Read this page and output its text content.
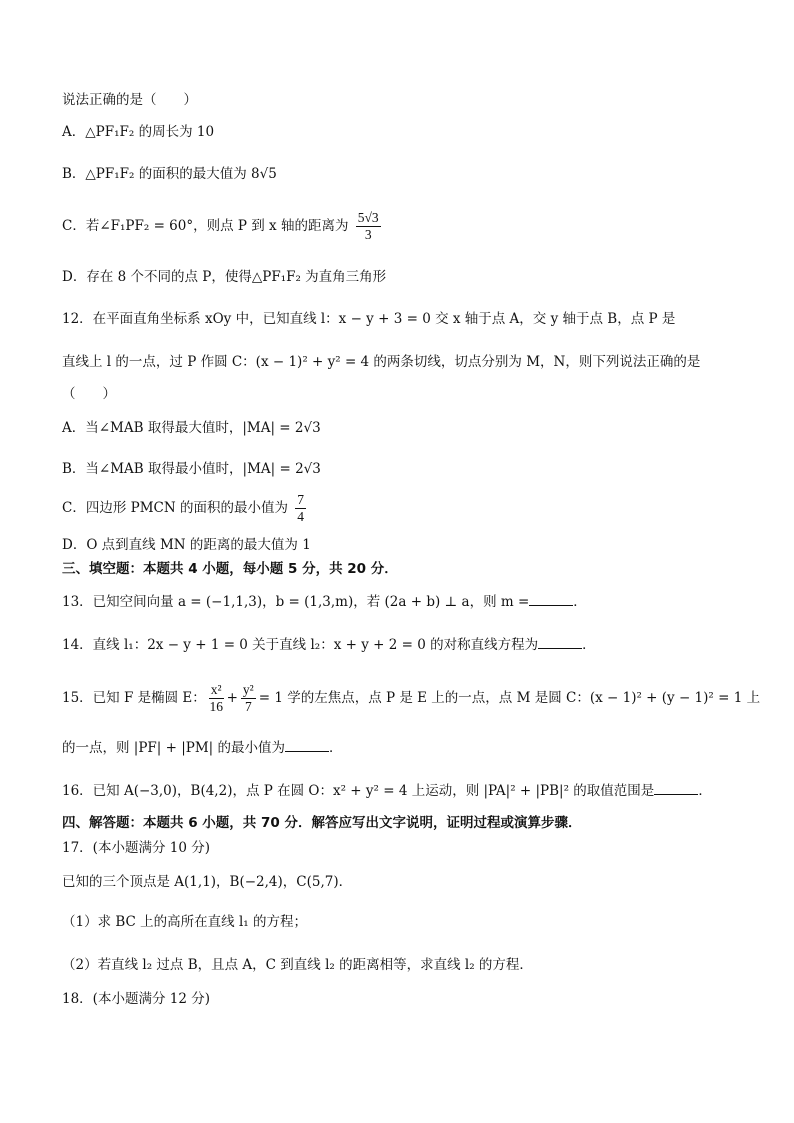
说法正确的是（　　）
A．△PF₁F₂ 的周长为 10
B．△PF₁F₂ 的面积的最大值为 8√5
C．若∠F₁PF₂ = 60°，则点 P 到 x 轴的距离为 $\frac{5√3}{3}$
D．存在 8 个不同的点 P，使得△PF₁F₂ 为直角三角形
12．在平面直角坐标系 xOy 中，已知直线 l：x − y + 3 = 0 交 x 轴于点 A，交 y 轴于点 B，点 P 是
直线上 l 的一点，过 P 作圆 C：(x − 1)² + y² = 4 的两条切线，切点分别为 M，N，则下列说法正确的是
（　　）
A．当∠MAB 取得最大值时，|MA| = 2√3
B．当∠MAB 取得最小值时，|MA| = 2√3
C．四边形 PMCN 的面积的最小值为 $\frac{7}{4}$
D．O 点到直线 MN 的距离的最大值为 1
三、填空题：本题共 4 小题，每小题 5 分，共 20 分．
13．已知空间向量 a = (−1,1,3)，b = (1,3,m)，若 (2a + b) ⊥ a，则 m =	．
14．直线 l₁：2x − y + 1 = 0 关于直线 l₂：x + y + 2 = 0 的对称直线方程为	．
15．已知 F 是椭圆 E： $\frac{\text{x²}}{16} + \frac{\text{y²}}{7} = 1$ 学的左焦点，点 P 是 E 上的一点，点 M 是圆 C：(x − 1)² + (y − 1)² = 1 上
的一点，则 |PF| + |PM| 的最小值为	．
16．已知 A(−3,0)，B(4,2)，点 P 在圆 O：x² + y² = 4 上运动，则 |PA|² + |PB|² 的取值范围是	．
四、解答题：本题共 6 小题，共 70 分．解答应写出文字说明，证明过程或演算步骤．
17．(本小题满分 10 分)
已知的三个顶点是 A(1,1)，B(−2,4)，C(5,7)．
（1）求 BC 上的高所在直线 l₁ 的方程；
（2）若直线 l₂ 过点 B，且点 A，C 到直线 l₂ 的距离相等，求直线 l₂ 的方程．
18．(本小题满分 12 分)
